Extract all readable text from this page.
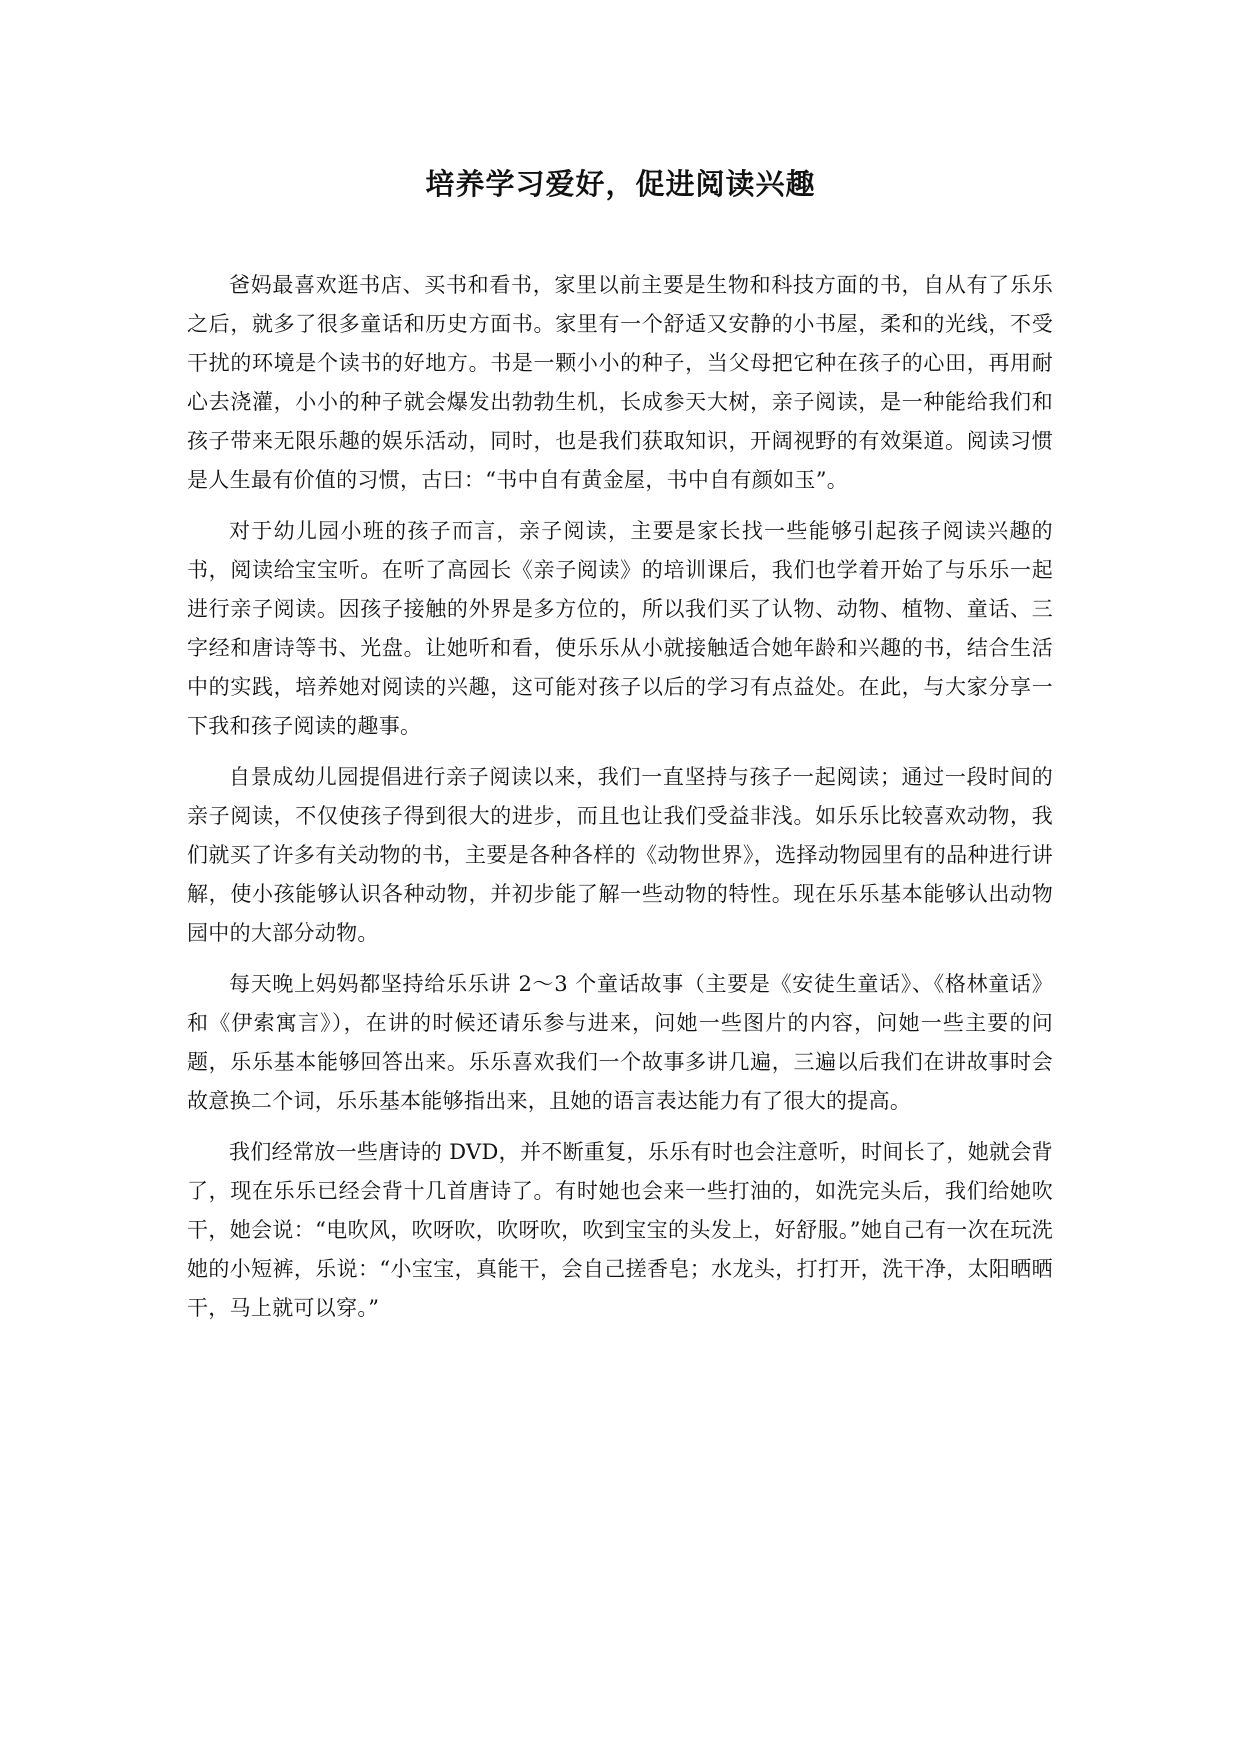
培养学习爱好，促进阅读兴趣

爸妈最喜欢逛书店、买书和看书，家里以前主要是生物和科技方面的书，自从有了乐乐之后，就多了很多童话和历史方面书。家里有一个舒适又安静的小书屋，柔和的光线，不受干扰的环境是个读书的好地方。书是一颗小小的种子，当父母把它种在孩子的心田，再用耐心去浇灌，小小的种子就会爆发出勃勃生机，长成参天大树，亲子阅读，是一种能给我们和孩子带来无限乐趣的娱乐活动，同时，也是我们获取知识，开阔视野的有效渠道。阅读习惯是人生最有价值的习惯，古曰：“书中自有黄金屋，书中自有颜如玉”。

对于幼儿园小班的孩子而言，亲子阅读，主要是家长找一些能够引起孩子阅读兴趣的书，阅读给宝宝听。在听了高园长《亲子阅读》的培训课后，我们也学着开始了与乐乐一起进行亲子阅读。因孩子接触的外界是多方位的，所以我们买了认物、动物、植物、童话、三字经和唐诗等书、光盘。让她听和看，使乐乐从小就接触适合她年龄和兴趣的书，结合生活中的实践，培养她对阅读的兴趣，这可能对孩子以后的学习有点益处。在此，与大家分享一下我和孩子阅读的趣事。

自景成幼儿园提倡进行亲子阅读以来，我们一直坚持与孩子一起阅读；通过一段时间的亲子阅读，不仅使孩子得到很大的进步，而且也让我们受益非浅。如乐乐比较喜欢动物，我们就买了许多有关动物的书，主要是各种各样的《动物世界》，选择动物园里有的品种进行讲解，使小孩能够认识各种动物，并初步能了解一些动物的特性。现在乐乐基本能够认出动物园中的大部分动物。

每天晚上妈妈都坚持给乐乐讲 2～3 个童话故事（主要是《安徒生童话》、《格林童话》和《伊索寓言》），在讲的时候还请乐参与进来，问她一些图片的内容，问她一些主要的问题，乐乐基本能够回答出来。乐乐喜欢我们一个故事多讲几遍，三遍以后我们在讲故事时会故意换二个词，乐乐基本能够指出来，且她的语言表达能力有了很大的提高。

我们经常放一些唐诗的 DVD，并不断重复，乐乐有时也会注意听，时间长了，她就会背了，现在乐乐已经会背十几首唐诗了。有时她也会来一些打油的，如洗完头后，我们给她吹干，她会说：“电吹风，吹呀吹，吹呀吹，吹到宝宝的头发上，好舒服。”她自己有一次在玩洗她的小短裤，乐说：“小宝宝，真能干，会自己搓香皂；水龙头，打打开，洗干净，太阳晒晒干，马上就可以穿。”
